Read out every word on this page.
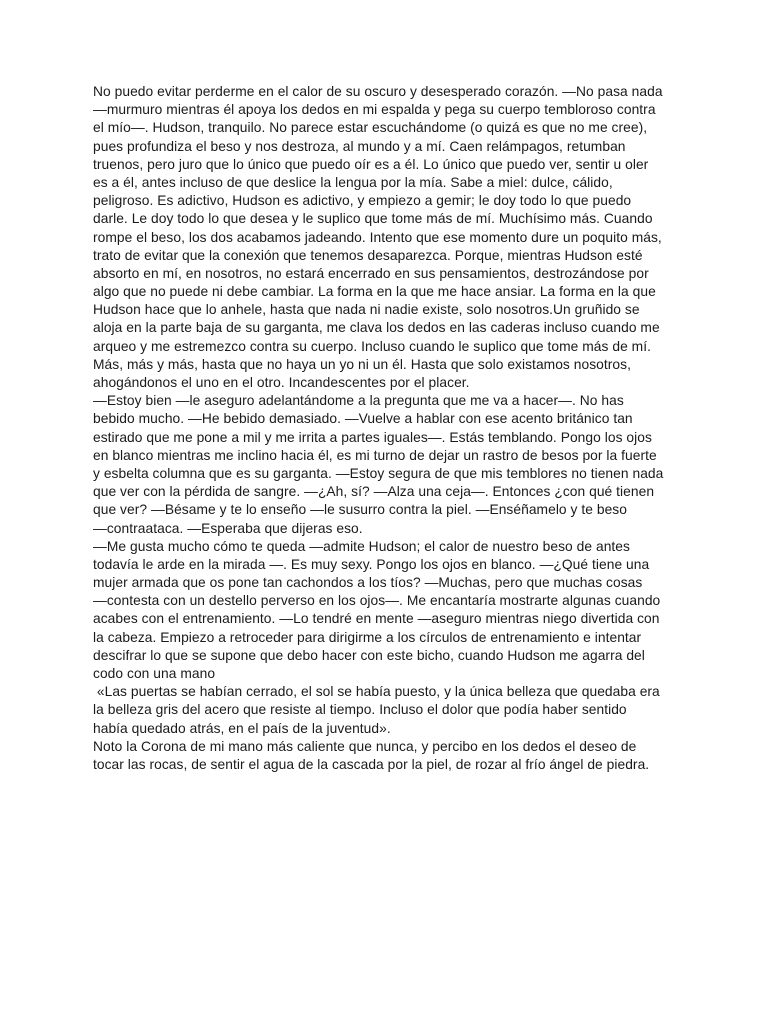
No puedo evitar perderme en el calor de su oscuro y desesperado corazón. —No pasa nada
—murmuro mientras él apoya los dedos en mi espalda y pega su cuerpo tembloroso contra
el mío—. Hudson, tranquilo. No parece estar escuchándome (o quizá es que no me cree),
pues profundiza el beso y nos destroza, al mundo y a mí. Caen relámpagos, retumban
truenos, pero juro que lo único que puedo oír es a él. Lo único que puedo ver, sentir u oler
es a él, antes incluso de que deslice la lengua por la mía. Sabe a miel: dulce, cálido,
peligroso. Es adictivo, Hudson es adictivo, y empiezo a gemir; le doy todo lo que puedo
darle. Le doy todo lo que desea y le suplico que tome más de mí. Muchísimo más. Cuando
rompe el beso, los dos acabamos jadeando. Intento que ese momento dure un poquito más,
trato de evitar que la conexión que tenemos desaparezca. Porque, mientras Hudson esté
absorto en mí, en nosotros, no estará encerrado en sus pensamientos, destrozándose por
algo que no puede ni debe cambiar. La forma en la que me hace ansiar. La forma en la que
Hudson hace que lo anhele, hasta que nada ni nadie existe, solo nosotros.Un gruñido se
aloja en la parte baja de su garganta, me clava los dedos en las caderas incluso cuando me
arqueo y me estremezco contra su cuerpo. Incluso cuando le suplico que tome más de mí.
Más, más y más, hasta que no haya un yo ni un él. Hasta que solo existamos nosotros,
ahogándonos el uno en el otro. Incandescentes por el placer.
—Estoy bien —le aseguro adelantándome a la pregunta que me va a hacer—. No has
bebido mucho. —He bebido demasiado. —Vuelve a hablar con ese acento británico tan
estirado que me pone a mil y me irrita a partes iguales—. Estás temblando. Pongo los ojos
en blanco mientras me inclino hacia él, es mi turno de dejar un rastro de besos por la fuerte
y esbelta columna que es su garganta. —Estoy segura de que mis temblores no tienen nada
que ver con la pérdida de sangre. —¿Ah, sí? —Alza una ceja—. Entonces ¿con qué tienen
que ver? —Bésame y te lo enseño —le susurro contra la piel. —Enséñamelo y te beso
—contraataca. —Esperaba que dijeras eso.
—Me gusta mucho cómo te queda —admite Hudson; el calor de nuestro beso de antes
todavía le arde en la mirada —. Es muy sexy. Pongo los ojos en blanco. —¿Qué tiene una
mujer armada que os pone tan cachondos a los tíos? —Muchas, pero que muchas cosas
—contesta con un destello perverso en los ojos—. Me encantaría mostrarte algunas cuando
acabes con el entrenamiento. —Lo tendré en mente —aseguro mientras niego divertida con
la cabeza. Empiezo a retroceder para dirigirme a los círculos de entrenamiento e intentar
descifrar lo que se supone que debo hacer con este bicho, cuando Hudson me agarra del
codo con una mano
«Las puertas se habían cerrado, el sol se había puesto, y la única belleza que quedaba era
la belleza gris del acero que resiste al tiempo. Incluso el dolor que podía haber sentido
había quedado atrás, en el país de la juventud».
Noto la Corona de mi mano más caliente que nunca, y percibo en los dedos el deseo de
tocar las rocas, de sentir el agua de la cascada por la piel, de rozar al frío ángel de piedra.
